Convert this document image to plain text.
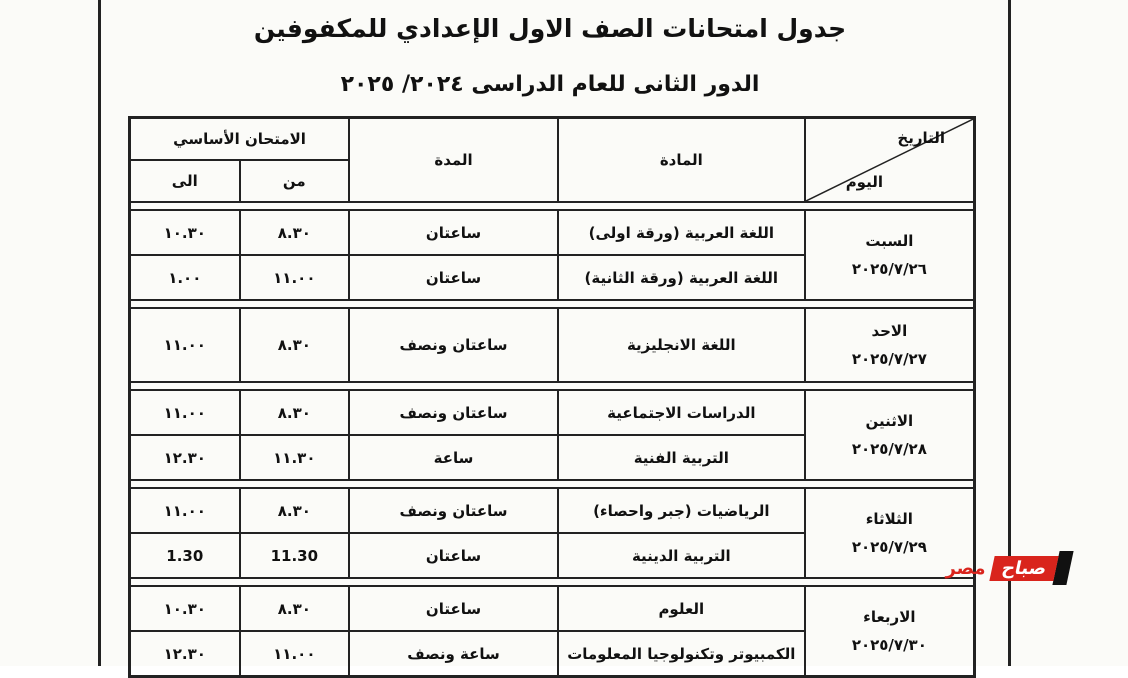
جدول امتحانات الصف الاول الإعدادي للمكفوفين
الدور الثانى للعام الدراسى ٢٠٢٤/ ٢٠٢٥
التاريخ
اليوم	المادة	المدة	الامتحان الأساسي	
			من	الى

السبت
٢٠٢٥/٧/٢٦	اللغة العربية (ورقة اولى)	ساعتان	٨.٣٠	١٠.٣٠
	اللغة العربية (ورقة الثانية)	ساعتان	١١.٠٠	١.٠٠

الاحد
٢٠٢٥/٧/٢٧	اللغة الانجليزية	ساعتان ونصف	٨.٣٠	١١.٠٠

الاثنين
٢٠٢٥/٧/٢٨	الدراسات الاجتماعية	ساعتان ونصف	٨.٣٠	١١.٠٠
	التربية الفنية	ساعة	١١.٣٠	١٢.٣٠

الثلاثاء
٢٠٢٥/٧/٢٩	الرياضيات (جبر واحصاء)	ساعتان ونصف	٨.٣٠	١١.٠٠
	التربية الدينية	ساعتان	11.30	1.30

الاربعاء
٢٠٢٥/٧/٣٠	العلوم	ساعتان	٨.٣٠	١٠.٣٠
	الكمبيوتر وتكنولوجيا المعلومات	ساعة ونصف	١١.٠٠	١٢.٣٠
صباح
مصر
